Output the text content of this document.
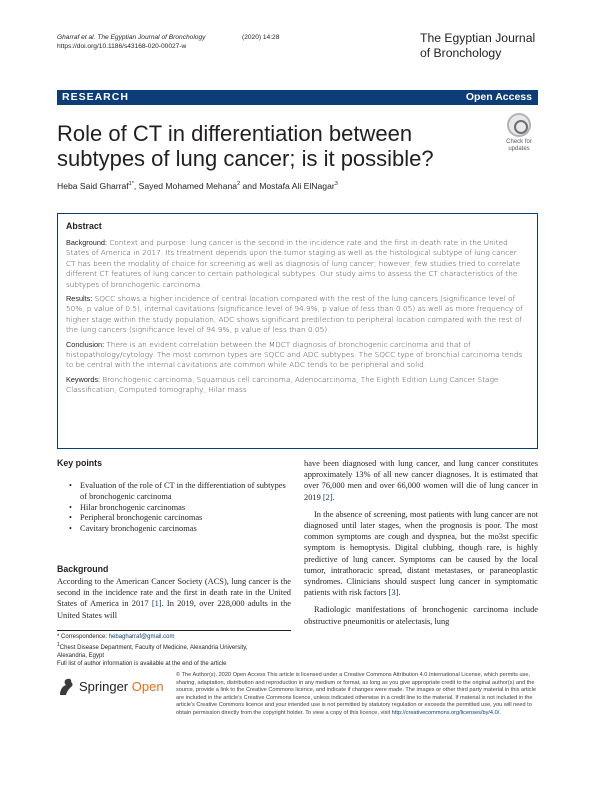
Gharraf et al. The Egyptian Journal of Bronchology	(2020) 14:28
https://doi.org/10.1186/s43168-020-00027-w
The Egyptian Journal
of Bronchology
RESEARCH	Open Access
Role of CT in differentiation between
subtypes of lung cancer; is it possible?
Check for
updates
Heba Said Gharraf$^{1*}$, Sayed Mohamed Mehana$^2$ and Mostafa Ali ElNagar$^3$
Abstract

Background: Context and purpose: lung cancer is the second in the incidence rate and the first in death rate in the United States of America in 2017. Its treatment depends upon the tumor staging as well as the histological subtype of lung cancer. CT has been the modality of choice for screening as well as diagnosis of lung cancer; however, few studies tried to correlate different CT features of lung cancer to certain pathological subtypes. Our study aims to assess the CT characteristics of the subtypes of bronchogenic carcinoma.

Results: SQCC shows a higher incidence of central location compared with the rest of the lung cancers (significance level of 50%, p value of 0.5), internal cavitations (significance level of 94.9%, p value of less than 0.05) as well as more frequency of higher stage within the study population, ADC shows significant predilection to peripheral location compared with the rest of the lung cancers (significance level of 94.9%, p value of less than 0.05).

Conclusion: There is an evident correlation between the MDCT diagnosis of bronchogenic carcinoma and that of histopathology/cytology. The most common types are SQCC and ADC subtypes. The SQCC type of bronchial carcinoma tends to be central with the internal cavitations are common while ADC tends to be peripheral and solid.

Keywords: Bronchogenic carcinoma, Squamous cell carcinoma, Adenocarcinoma, The Eighth Edition Lung Cancer Stage Classification, Computed tomography, Hilar mass

Key points
• Evaluation of the role of CT in the differentiation of subtypes of bronchogenic carcinoma
• Hilar bronchogenic carcinomas
• Peripheral bronchogenic carcinomas
• Cavitary bronchogenic carcinomas
Background

According to the American Cancer Society (ACS), lung cancer is the second in the incidence rate and the first in death rate in the United States of America in 2017 [1]. In 2019, over 228,000 adults in the United States will

have been diagnosed with lung cancer, and lung cancer constitutes approximately 13% of all new cancer diagnoses. It is estimated that over 76,000 men and over 66,000 women will die of lung cancer in 2019 [2].

In the absence of screening, most patients with lung cancer are not diagnosed until later stages, when the prognosis is poor. The most common symptoms are cough and dyspnea, but the mo3st specific symptom is hemoptysis. Digital clubbing, though rare, is highly predictive of lung cancer. Symptoms can be caused by the local tumor, intrathoracic spread, distant metastases, or paraneoplastic syndromes. Clinicians should suspect lung cancer in symptomatic patients with risk factors [3].

Radiologic manifestations of bronchogenic carcinoma include obstructive pneumonitis or atelectasis, lung

* Correspondence: hebagharraf@gmail.com
$^1$Chest Disease Department, Faculty of Medicine, Alexandria University,
Alexandria, Egypt
Full list of author information is available at the end of the article
Springer Open
© The Author(s). 2020 Open Access This article is licensed under a Creative Commons Attribution 4.0 International License, which permits use, sharing, adaptation, distribution and reproduction in any medium or format, as long as you give appropriate credit to the original author(s) and the source, provide a link to the Creative Commons licence, and indicate if changes were made. The images or other third party material in this article are included in the article's Creative Commons licence, unless indicated otherwise in a credit line to the material. If material is not included in the article's Creative Commons licence and your intended use is not permitted by statutory regulation or exceeds the permitted use, you will need to obtain permission directly from the copyright holder. To view a copy of this licence, visit http://creativecommons.org/licenses/by/4.0/.
